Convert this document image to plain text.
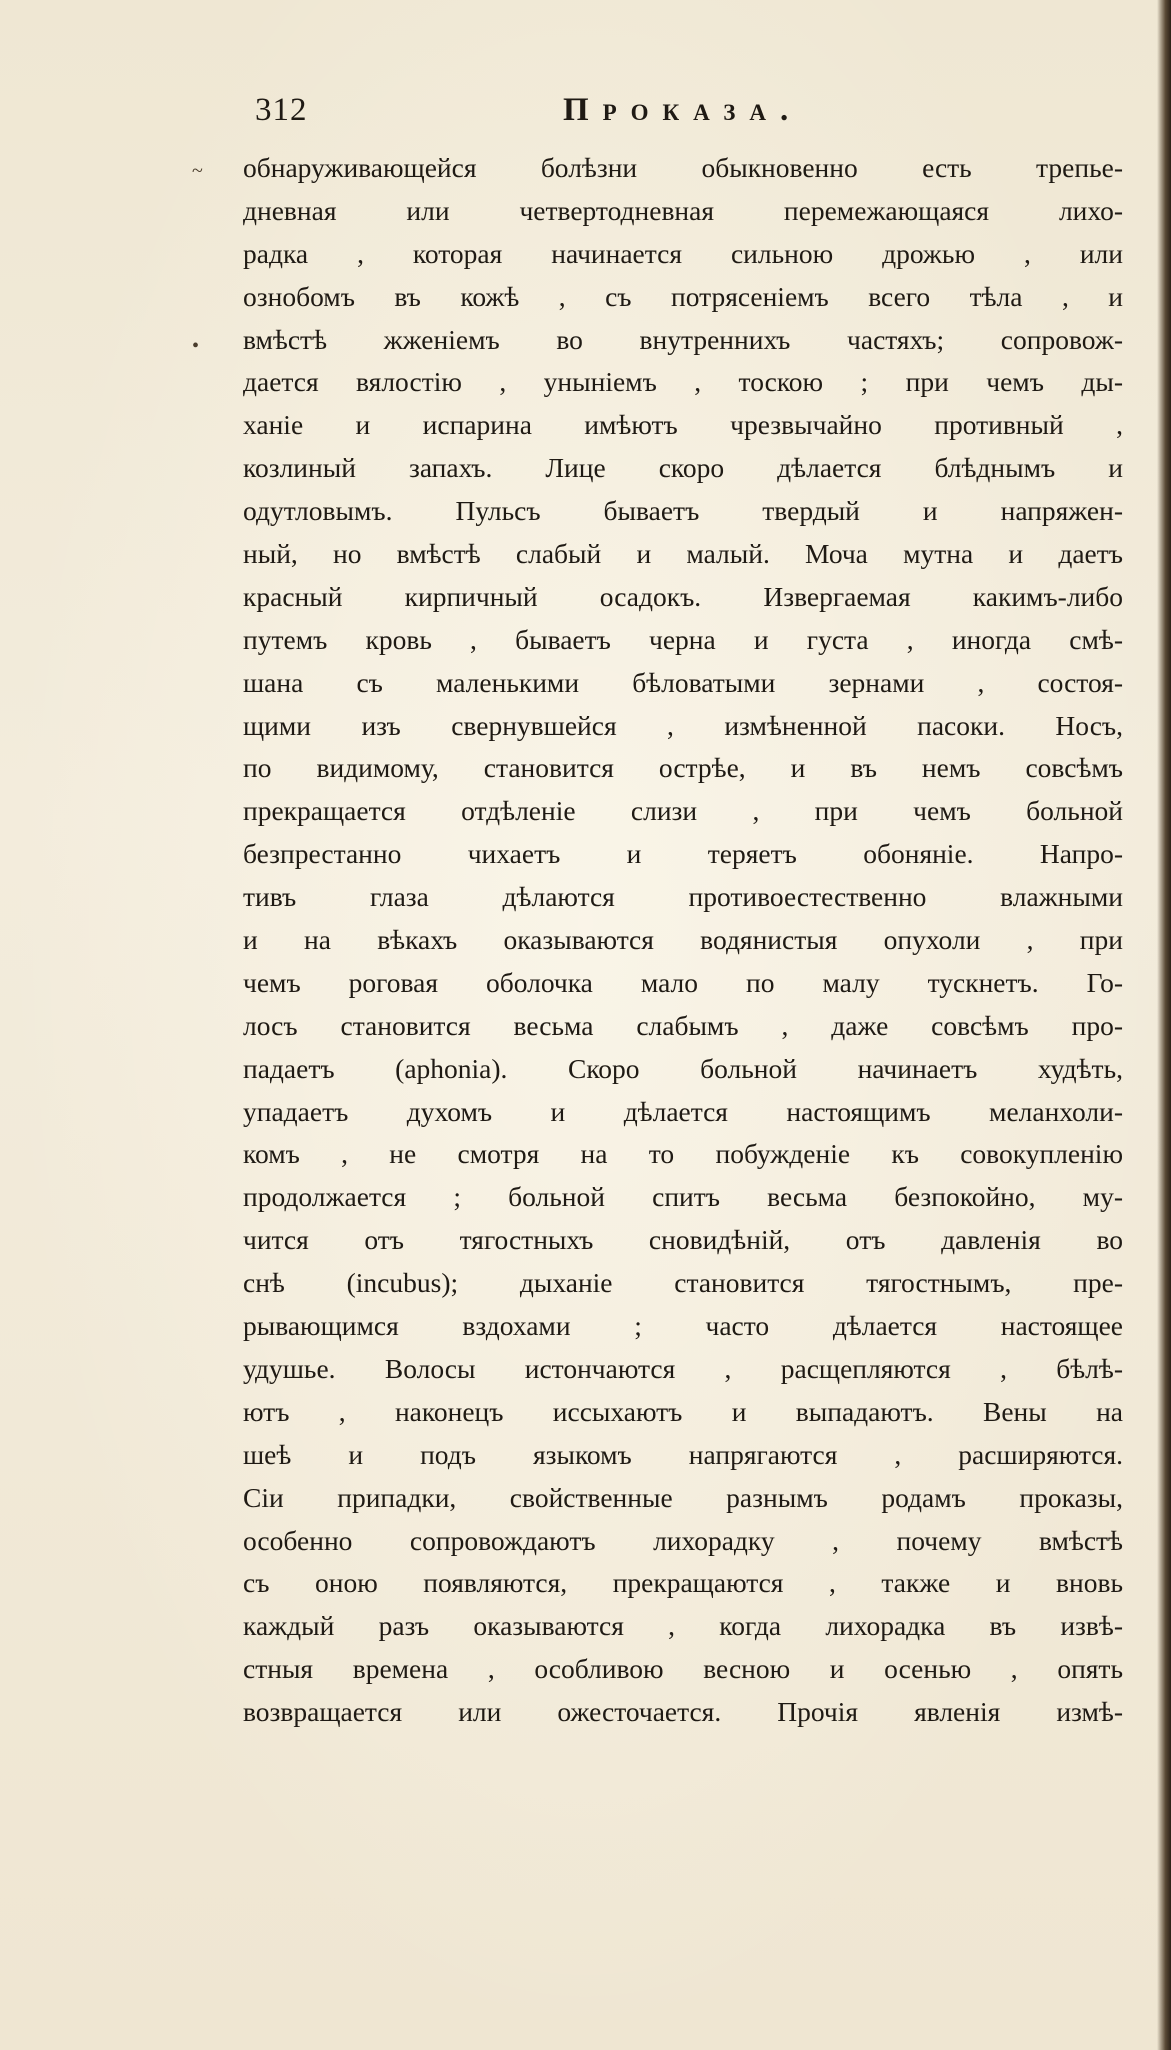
312	Проказа.
~
•
обнаруживающейся болѣзни обыкновенно есть трепье-
дневная или четвертодневная перемежающаяся лихо-
радка , которая начинается сильною дрожью , или
ознобомъ въ кожѣ , съ потрясеніемъ всего тѣла , и
вмѣстѣ жженіемъ во внутреннихъ частяхъ; сопровож-
дается вялостію , уныніемъ , тоскою ; при чемъ ды-
ханіе и испарина имѣютъ чрезвычайно противный ,
козлиный запахъ. Лице скоро дѣлается блѣднымъ и
одутловымъ. Пульсъ бываетъ твердый и напряжен-
ный, но вмѣстѣ слабый и малый. Моча мутна и даетъ
красный кирпичный осадокъ. Извергаемая какимъ-либо
путемъ кровь , бываетъ черна и густа , иногда смѣ-
шана съ маленькими бѣловатыми зернами , состоя-
щими изъ свернувшейся , измѣненной пасоки. Носъ,
по видимому, становится острѣе, и въ немъ совсѣмъ
прекращается отдѣленіе слизи , при чемъ больной
безпрестанно чихаетъ и теряетъ обоняніе. Напро-
тивъ глаза дѣлаются противоестественно влажными
и на вѣкахъ оказываются водянистыя опухоли , при
чемъ роговая оболочка мало по малу тускнетъ. Го-
лосъ становится весьма слабымъ , даже совсѣмъ про-
падаетъ (aphonia). Скоро больной начинаетъ худѣть,
упадаетъ духомъ и дѣлается настоящимъ меланхоли-
комъ , не смотря на то побужденіе къ совокупленію
продолжается ; больной спитъ весьма безпокойно, му-
чится отъ тягостныхъ сновидѣній, отъ давленія во
снѣ (incubus); дыханіе становится тягостнымъ, пре-
рывающимся вздохами ; часто дѣлается настоящее
удушье. Волосы истончаются , расщепляются , бѣлѣ-
ютъ , наконецъ иссыхаютъ и выпадаютъ. Вены на
шеѣ и подъ языкомъ напрягаются , расширяются.
Сіи припадки, свойственные разнымъ родамъ проказы,
особенно сопровождаютъ лихорадку , почему вмѣстѣ
съ оною появляются, прекращаются , также и вновь
каждый разъ оказываются , когда лихорадка въ извѣ-
стныя времена , особливою весною и осенью , опять
возвращается или ожесточается. Прочія явленія измѣ-
